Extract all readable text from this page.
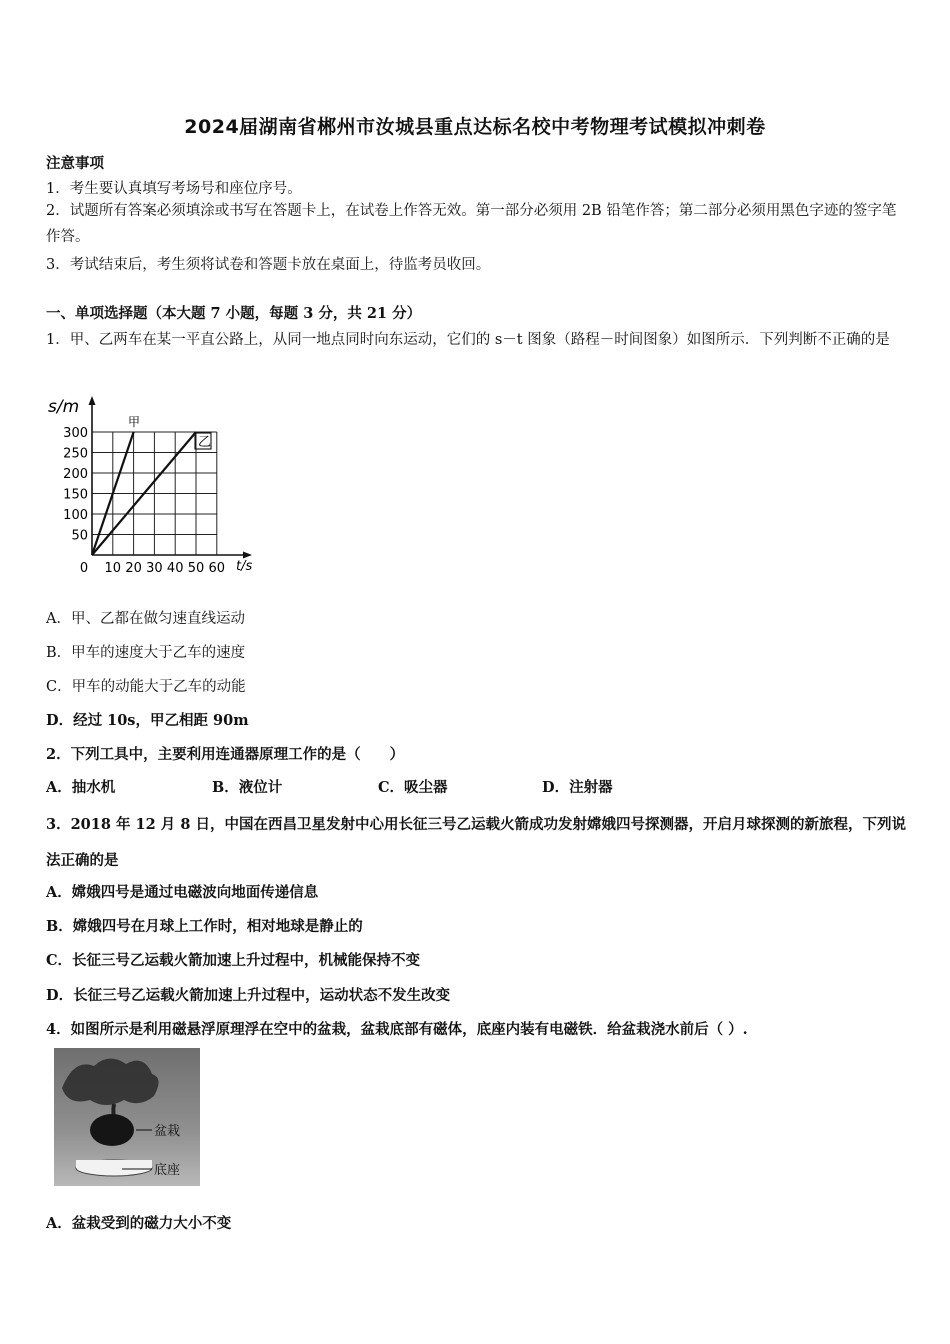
2024届湖南省郴州市汝城县重点达标名校中考物理考试模拟冲刺卷
注意事项
1．考生要认真填写考场号和座位序号。
2．试题所有答案必须填涂或书写在答题卡上，在试卷上作答无效。第一部分必须用 2B 铅笔作答；第二部分必须用黑色字迹的签字笔作答。
3．考试结束后，考生须将试卷和答题卡放在桌面上，待监考员收回。
一、单项选择题（本大题 7 小题，每题 3 分，共 21 分）
1．甲、乙两车在某一平直公路上，从同一地点同时向东运动，它们的 s－t 图象（路程－时间图象）如图所示．下列判断不正确的是
50
100
150
200
250
300
0 10 20 30 40 50 60
s/m
t/s
甲
乙
A．甲、乙都在做匀速直线运动
B．甲车的速度大于乙车的速度
C．甲车的动能大于乙车的动能
D．经过 10s，甲乙相距 90m
2．下列工具中，主要利用连通器原理工作的是（　　）
A．抽水机	B．液位计	C．吸尘器	D．注射器
3．2018 年 12 月 8 日，中国在西昌卫星发射中心用长征三号乙运载火箭成功发射嫦娥四号探测器，开启月球探测的新旅程，下列说法正确的是
A．嫦娥四号是通过电磁波向地面传递信息
B．嫦娥四号在月球上工作时，相对地球是静止的
C．长征三号乙运载火箭加速上升过程中，机械能保持不变
D．长征三号乙运载火箭加速上升过程中，运动状态不发生改变
4．如图所示是利用磁悬浮原理浮在空中的盆栽，盆栽底部有磁体，底座内装有电磁铁．给盆栽浇水前后（ ）.
盆栽
底座
A．盆栽受到的磁力大小不变
